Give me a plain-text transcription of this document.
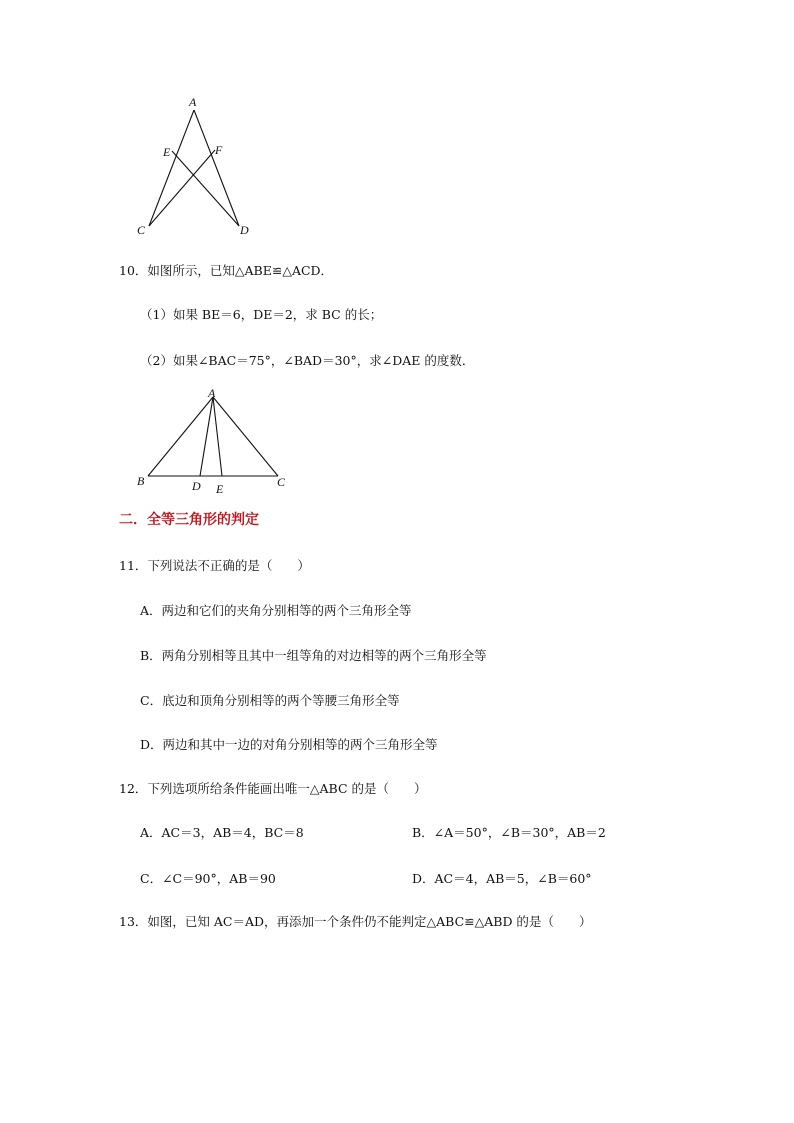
A
E	F
C	D
10．如图所示，已知△ABE≌△ACD．
（1）如果 BE＝6，DE＝2，求 BC 的长；
（2）如果∠BAC＝75°，∠BAD＝30°，求∠DAE 的度数．
A
B	D E	C
二．全等三角形的判定
11．下列说法不正确的是（　　）
A．两边和它们的夹角分别相等的两个三角形全等
B．两角分别相等且其中一组等角的对边相等的两个三角形全等
C．底边和顶角分别相等的两个等腰三角形全等
D．两边和其中一边的对角分别相等的两个三角形全等
12．下列选项所给条件能画出唯一△ABC 的是（　　）
A．AC＝3，AB＝4，BC＝8	B．∠A＝50°，∠B＝30°，AB＝2
C．∠C＝90°，AB＝90	D．AC＝4，AB＝5，∠B＝60°
13．如图，已知 AC＝AD，再添加一个条件仍不能判定△ABC≌△ABD 的是（　　）
